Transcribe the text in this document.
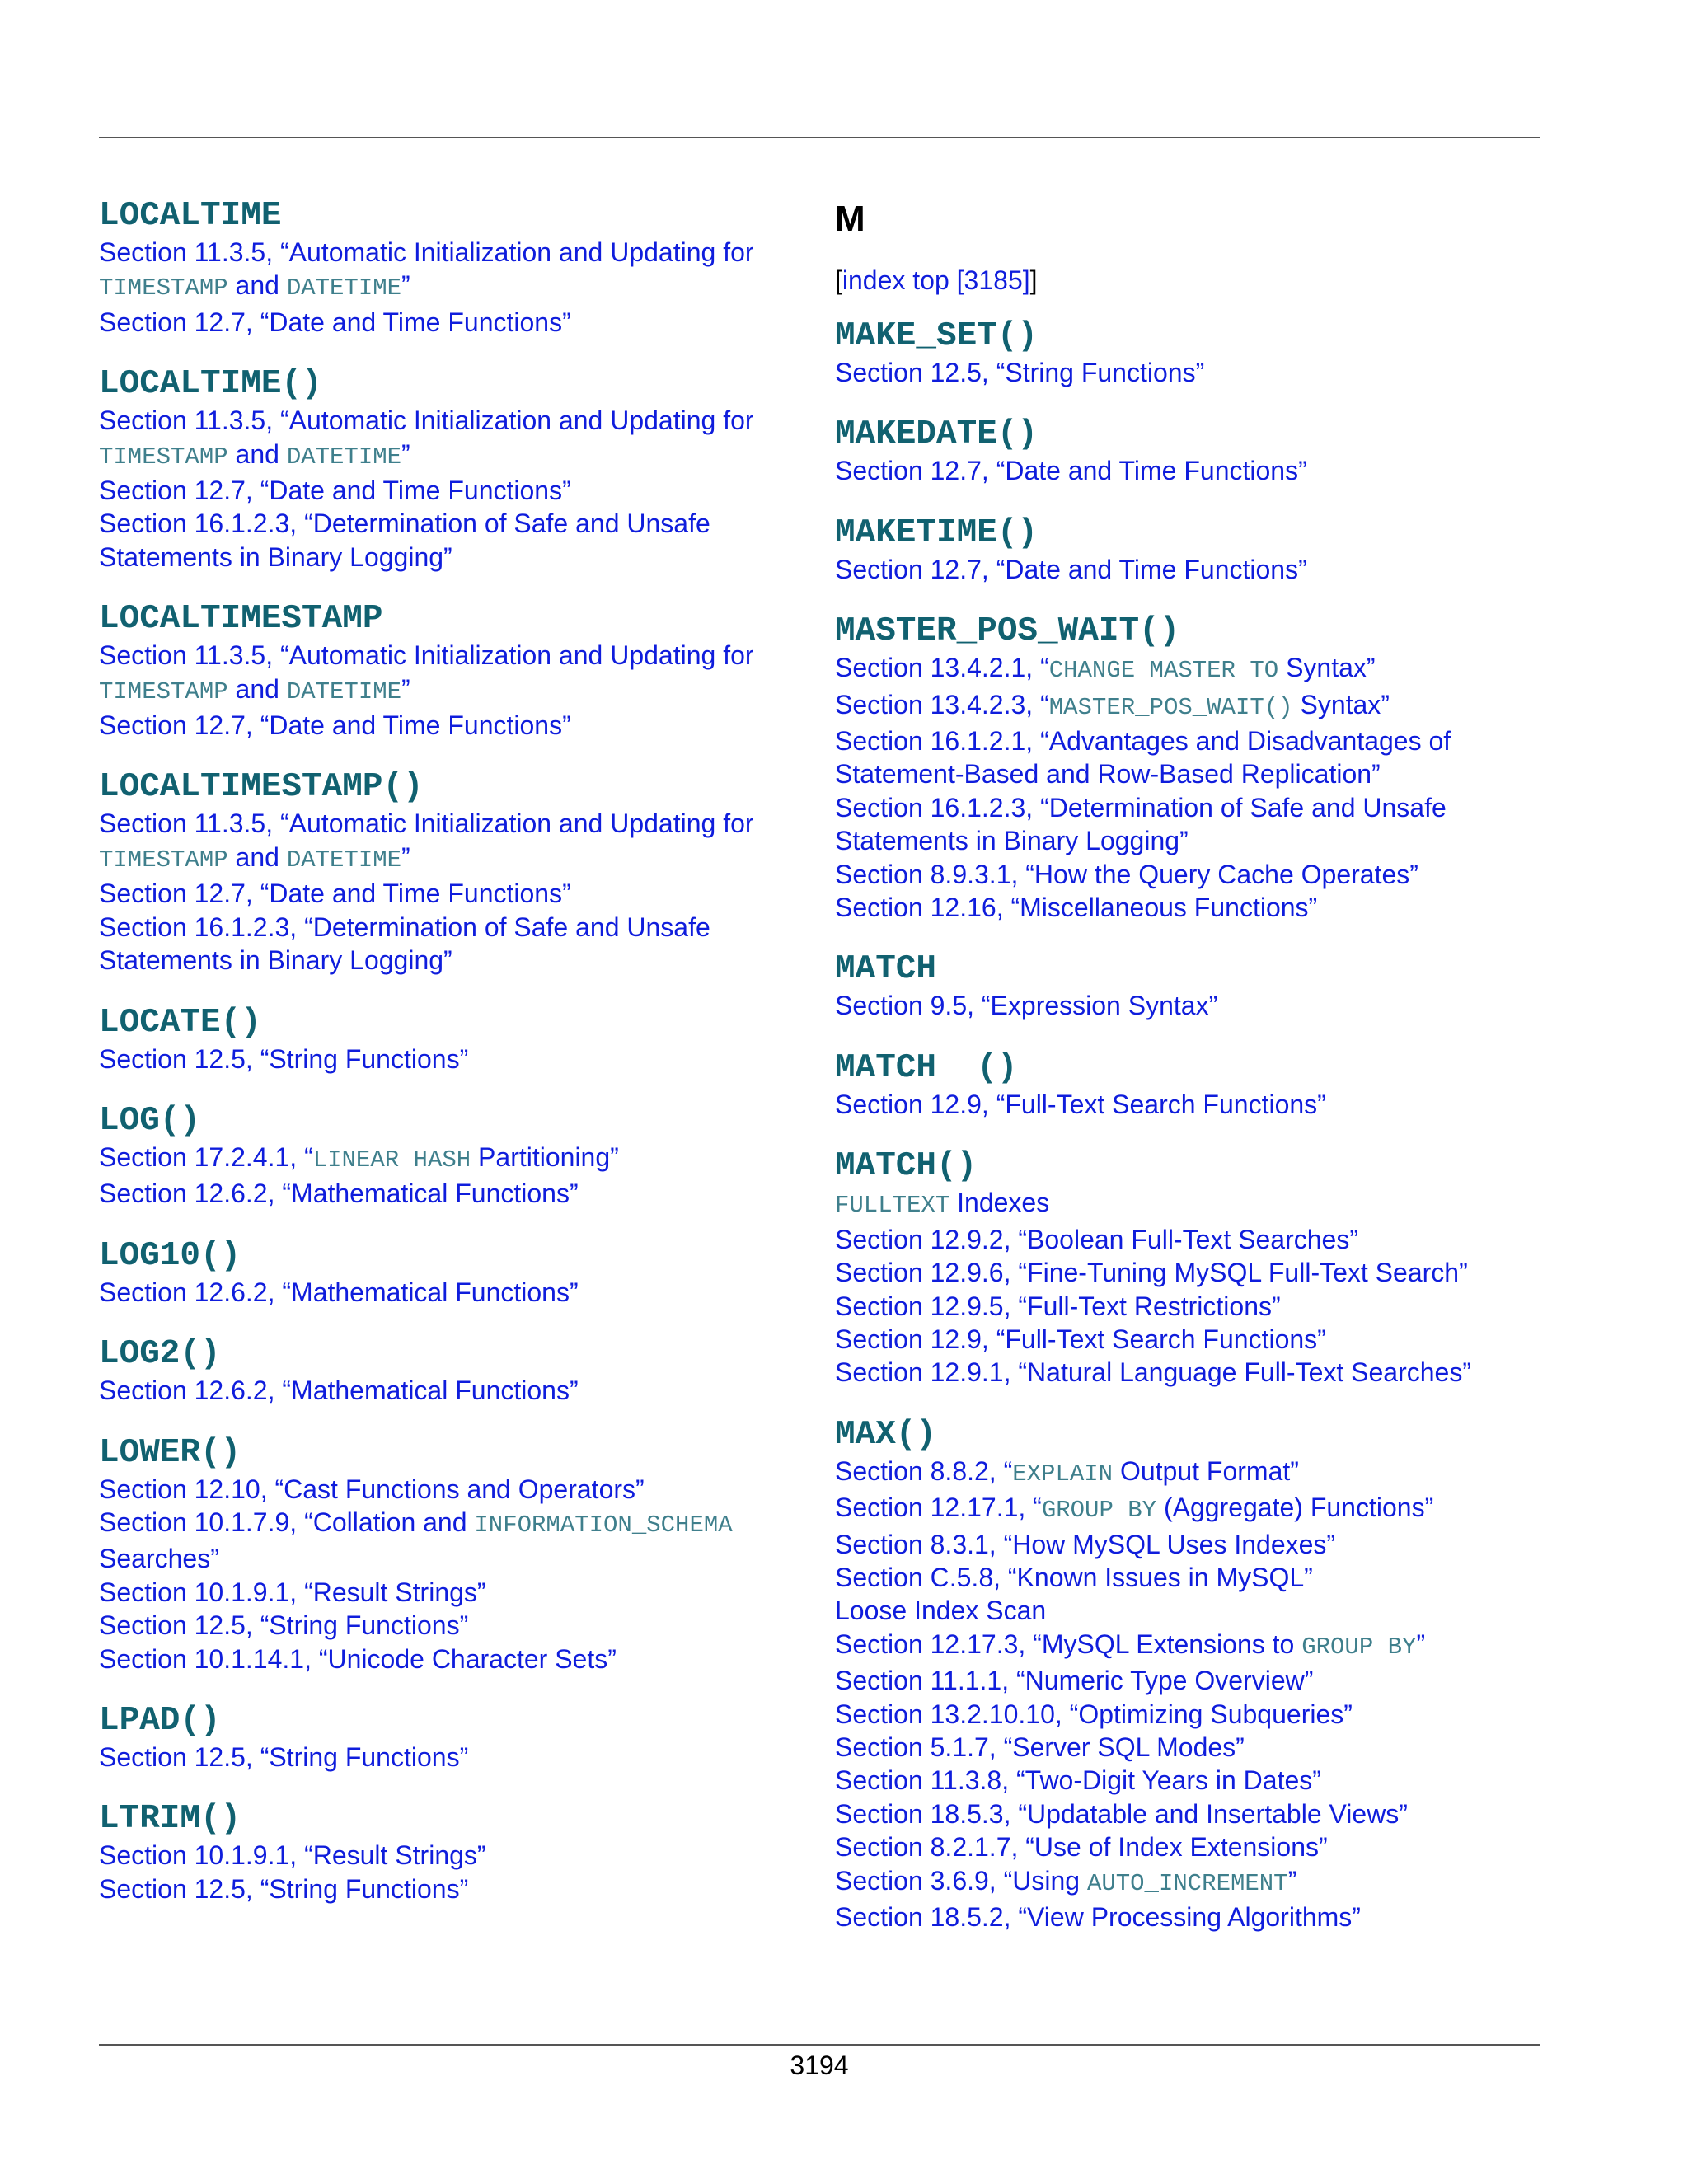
LOCALTIME
Section 11.3.5, “Automatic Initialization and Updating for
TIMESTAMP and DATETIME”
Section 12.7, “Date and Time Functions”
LOCALTIME()
Section 11.3.5, “Automatic Initialization and Updating for
TIMESTAMP and DATETIME”
Section 12.7, “Date and Time Functions”
Section 16.1.2.3, “Determination of Safe and Unsafe
Statements in Binary Logging”
LOCALTIMESTAMP
Section 11.3.5, “Automatic Initialization and Updating for
TIMESTAMP and DATETIME”
Section 12.7, “Date and Time Functions”
LOCALTIMESTAMP()
Section 11.3.5, “Automatic Initialization and Updating for
TIMESTAMP and DATETIME”
Section 12.7, “Date and Time Functions”
Section 16.1.2.3, “Determination of Safe and Unsafe
Statements in Binary Logging”
LOCATE()
Section 12.5, “String Functions”
LOG()
Section 17.2.4.1, “LINEAR HASH Partitioning”
Section 12.6.2, “Mathematical Functions”
LOG10()
Section 12.6.2, “Mathematical Functions”
LOG2()
Section 12.6.2, “Mathematical Functions”
LOWER()
Section 12.10, “Cast Functions and Operators”
Section 10.1.7.9, “Collation and INFORMATION_SCHEMA
Searches”
Section 10.1.9.1, “Result Strings”
Section 12.5, “String Functions”
Section 10.1.14.1, “Unicode Character Sets”
LPAD()
Section 12.5, “String Functions”
LTRIM()
Section 10.1.9.1, “Result Strings”
Section 12.5, “String Functions”
M
[index top [3185]]
MAKE_SET()
Section 12.5, “String Functions”
MAKEDATE()
Section 12.7, “Date and Time Functions”
MAKETIME()
Section 12.7, “Date and Time Functions”
MASTER_POS_WAIT()
Section 13.4.2.1, “CHANGE MASTER TO Syntax”
Section 13.4.2.3, “MASTER_POS_WAIT() Syntax”
Section 16.1.2.1, “Advantages and Disadvantages of
Statement-Based and Row-Based Replication”
Section 16.1.2.3, “Determination of Safe and Unsafe
Statements in Binary Logging”
Section 8.9.3.1, “How the Query Cache Operates”
Section 12.16, “Miscellaneous Functions”
MATCH
Section 9.5, “Expression Syntax”
MATCH  ()
Section 12.9, “Full-Text Search Functions”
MATCH()
FULLTEXT Indexes
Section 12.9.2, “Boolean Full-Text Searches”
Section 12.9.6, “Fine-Tuning MySQL Full-Text Search”
Section 12.9.5, “Full-Text Restrictions”
Section 12.9, “Full-Text Search Functions”
Section 12.9.1, “Natural Language Full-Text Searches”
MAX()
Section 8.8.2, “EXPLAIN Output Format”
Section 12.17.1, “GROUP BY (Aggregate) Functions”
Section 8.3.1, “How MySQL Uses Indexes”
Section C.5.8, “Known Issues in MySQL”
Loose Index Scan
Section 12.17.3, “MySQL Extensions to GROUP BY”
Section 11.1.1, “Numeric Type Overview”
Section 13.2.10.10, “Optimizing Subqueries”
Section 5.1.7, “Server SQL Modes”
Section 11.3.8, “Two-Digit Years in Dates”
Section 18.5.3, “Updatable and Insertable Views”
Section 8.2.1.7, “Use of Index Extensions”
Section 3.6.9, “Using AUTO_INCREMENT”
Section 18.5.2, “View Processing Algorithms”
3194
